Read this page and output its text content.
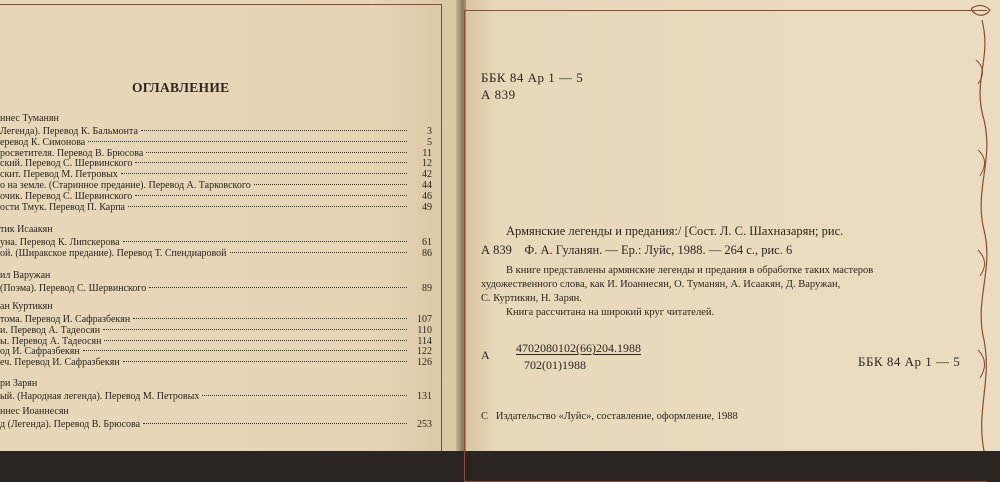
ОГЛАВЛЕНИЕ
ннес Туманян
Легенда). Перевод К. Бальмонта	3
еревод К. Симонова	5
росветителя. Перевод В. Брюсова	11
ский. Перевод С. Шервинского	12
скит. Перевод М. Петровых	42
о на земле. (Старинное предание). Перевод А. Тарковского	44
очик. Перевод С. Шервинского	46
ости Тмук. Перевод П. Карпа	49
тик Исаакян
уна. Перевод К. Липскерова	61
ой. (Ширакское предание). Перевод Т. Спендиаровой	86
ил Варужан
(Поэма). Перевод С. Шервинского	89
ан Куртикян
тома. Перевод И. Сафразбекян	107
и. Перевод А. Тадеосян	110
ы. Перевод А. Тадеосян	114
од И. Сафразбекян	122
еч. Перевод И. Сафразбекян	126
ри Зарян
ый. (Народная легенда). Перевод М. Петровых	131
ннес Иоаннесян
д (Легенда). Перевод В. Брюсова	253
ББК 84 Ар 1 — 5
А 839
Армянские легенды и предания:/ [Сост. Л. С. Шахназарян; рис.
А 839    Ф. А. Гуланян. — Ер.: Луйс, 1988. — 264 с., рис. 6
В книге представлены армянские легенды и предания в обработке таких мастеров
художественного слова, как И. Иоаннесян, О. Туманян, А. Исаакян, Д. Варужан,
С. Куртикян, Н. Зарян.
Книга расcчитана на широкий круг читателей.
А 4702080102(66)204.1988
702(01)1988	ББК 84 Ар 1 — 5
С   Издательство «Луйс», составление, оформление, 1988
